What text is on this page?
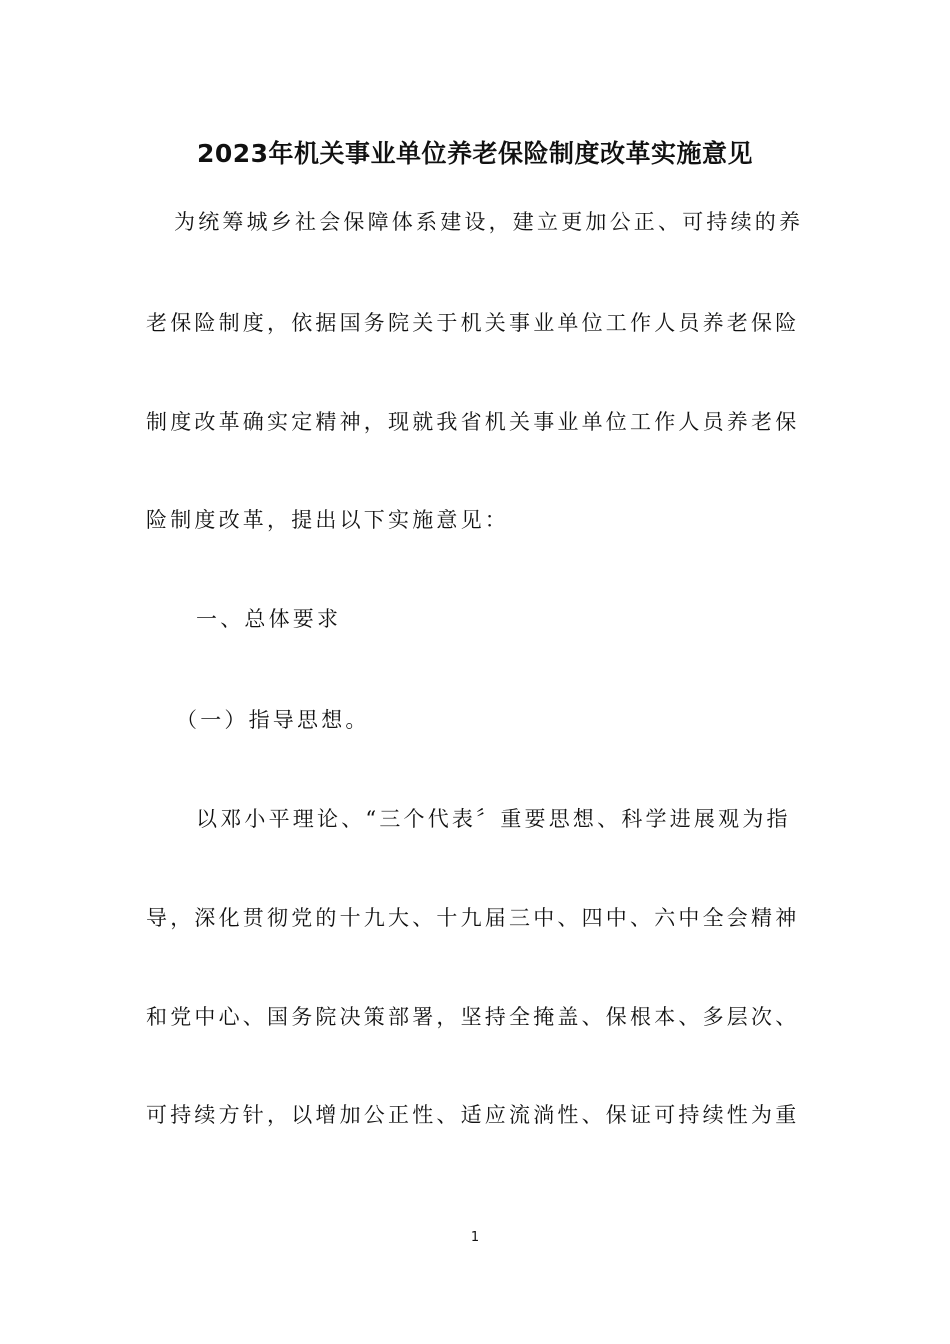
2023年机关事业单位养老保险制度改革实施意见
为统筹城乡社会保障体系建设，建立更加公正、可持续的养
老保险制度，依据国务院关于机关事业单位工作人员养老保险
制度改革确实定精神，现就我省机关事业单位工作人员养老保
险制度改革，提出以下实施意见：
一、总体要求
（一）指导思想。
以邓小平理论、“三个代表〞重要思想、科学进展观为指
导，深化贯彻党的十九大、十九届三中、四中、六中全会精神
和党中心、国务院决策部署，坚持全掩盖、保根本、多层次、
可持续方针，以增加公正性、适应流淌性、保证可持续性为重
1
